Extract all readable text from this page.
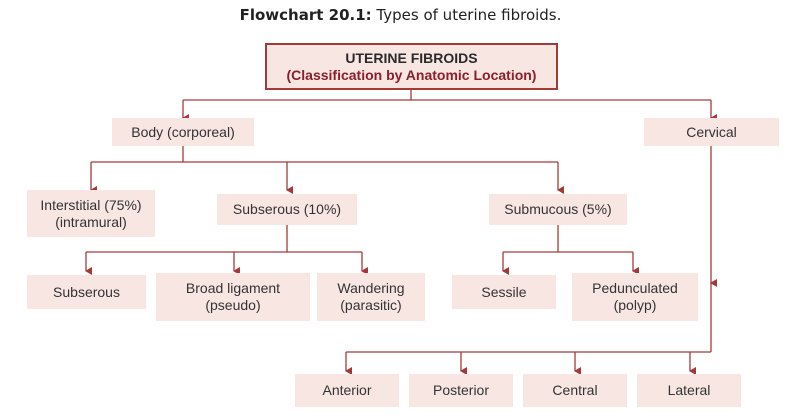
Flowchart 20.1: Types of uterine fibroids.
UTERINE FIBROIDS
(Classification by Anatomic Location)
Body (corporeal)	Cervical
Interstitial (75%)
(intramural)
Subserous (10%)	Submucous (5%)
Subserous	Broad ligament
(pseudo)
Wandering
(parasitic)
Sessile	Pedunculated
(polyp)
Anterior	Posterior	Central	Lateral
